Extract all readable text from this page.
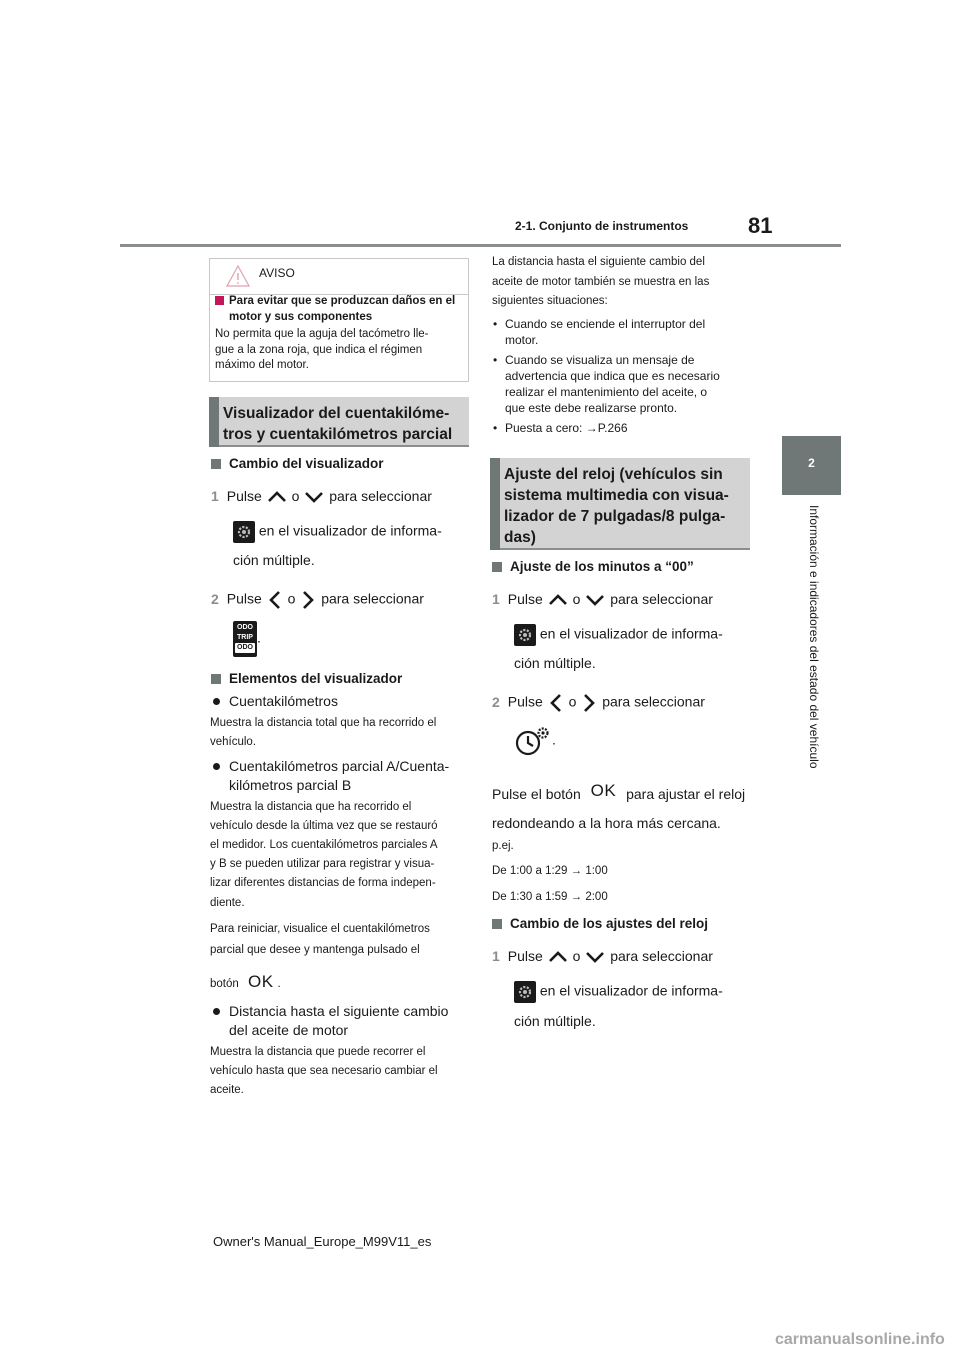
2-1. Conjunto de instrumentos	81
2
Información e indicadores del estado del vehículo
AVISO
Para evitar que se produzcan daños en el motor y sus componentes
No permita que la aguja del tacómetro lle-
gue a la zona roja, que indica el régimen
máximo del motor.
Visualizador del cuentakilóme-
tros y cuentakilómetros parcial
Cambio del visualizador
1 Pulse o para seleccionar
en el visualizador de informa-
ción múltiple.
2 Pulse o para seleccionar
ODO
TRIP
ODO
.
Elementos del visualizador
Cuentakilómetros
Muestra la distancia total que ha recorrido el
vehículo.
Cuentakilómetros parcial A/Cuenta-
kilómetros parcial B
Muestra la distancia que ha recorrido el
vehículo desde la última vez que se restauró
el medidor. Los cuentakilómetros parciales A
y B se pueden utilizar para registrar y visua-
lizar diferentes distancias de forma indepen-
diente.
Para reiniciar, visualice el cuentakilómetros
parcial que desee y mantenga pulsado el
botón OK .
Distancia hasta el siguiente cambio
del aceite de motor
Muestra la distancia que puede recorrer el
vehículo hasta que sea necesario cambiar el
aceite.
La distancia hasta el siguiente cambio del
aceite de motor también se muestra en las
siguientes situaciones:
• Cuando se enciende el interruptor del
motor.
• Cuando se visualiza un mensaje de
advertencia que indica que es necesario
realizar el mantenimiento del aceite, o
que este debe realizarse pronto.
• Puesta a cero: →P.266
Ajuste del reloj (vehículos sin
sistema multimedia con visua-
lizador de 7 pulgadas/8 pulga-
das)
Ajuste de los minutos a “00”
1 Pulse o para seleccionar
en el visualizador de informa-
ción múltiple.
2 Pulse o para seleccionar
.
Pulse el botón OK para ajustar el reloj
redondeando a la hora más cercana.
p.ej.
De 1:00 a 1:29 → 1:00
De 1:30 a 1:59 → 2:00
Cambio de los ajustes del reloj
1 Pulse o para seleccionar
en el visualizador de informa-
ción múltiple.
Owner's Manual_Europe_M99V11_es
carmanualsonline.info
